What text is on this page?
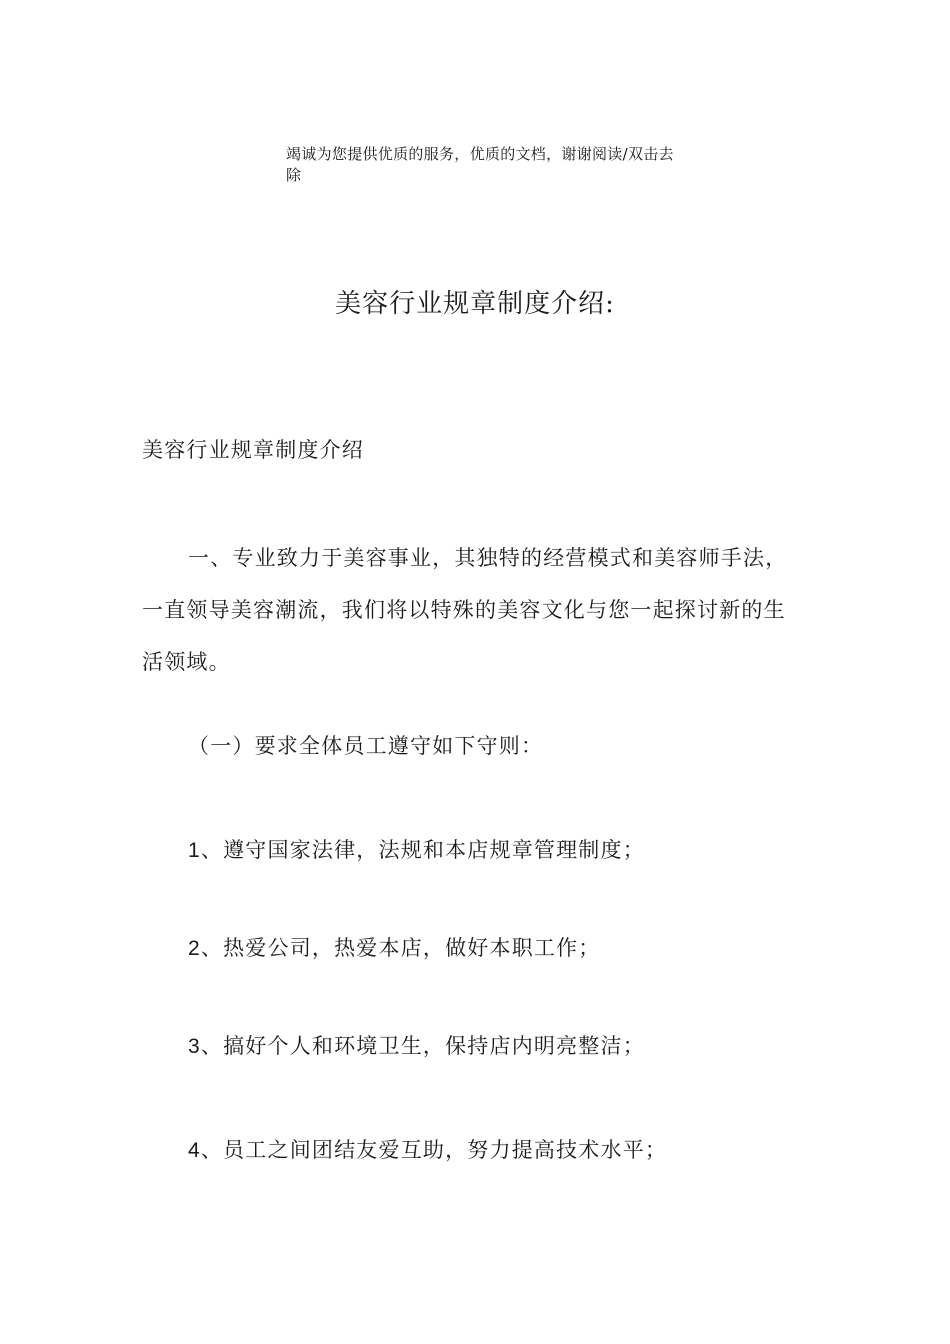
竭诚为您提供优质的服务，优质的文档，谢谢阅读/双击去
除
美容行业规章制度介绍:
美容行业规章制度介绍
一、专业致力于美容事业，其独特的经营模式和美容师手法，一直领导美容潮流，我们将以特殊的美容文化与您一起探讨新的生活领域。
（一）要求全体员工遵守如下守则：
1、遵守国家法律，法规和本店规章管理制度；
2、热爱公司，热爱本店，做好本职工作；
3、搞好个人和环境卫生，保持店内明亮整洁；
4、员工之间团结友爱互助，努力提高技术水平；
